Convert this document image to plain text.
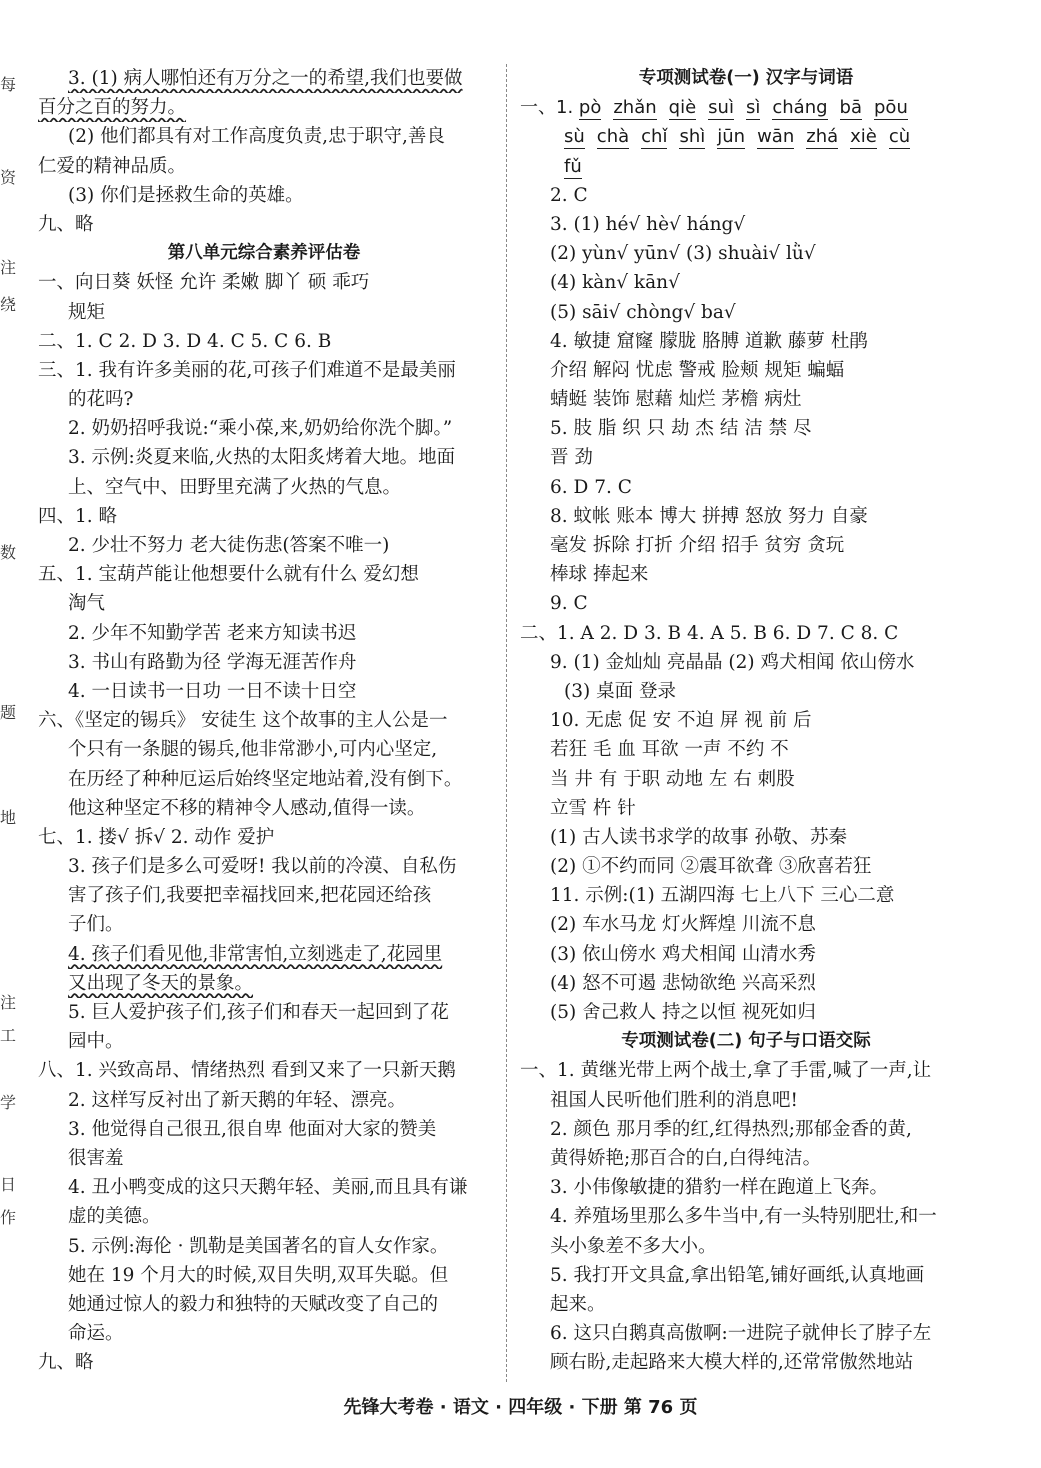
每
资
注
绕
数
题
地
注
工
学
日
作
3. (1) 病人哪怕还有万分之一的希望,我们也要做
百分之百的努力。
(2) 他们都具有对工作高度负责,忠于职守,善良
仁爱的精神品质。
(3) 你们是拯救生命的英雄。
九、略
第八单元综合素养评估卷
一、向日葵 妖怪 允许 柔嫩 脚丫 硕 乖巧
规矩
二、1. C 2. D 3. D 4. C 5. C 6. B
三、1. 我有许多美丽的花,可孩子们难道不是最美丽
的花吗?
2. 奶奶招呼我说:“乘小葆,来,奶奶给你洗个脚。”
3. 示例:炎夏来临,火热的太阳炙烤着大地。地面
上、空气中、田野里充满了火热的气息。
四、1. 略
2. 少壮不努力 老大徒伤悲(答案不唯一)
五、1. 宝葫芦能让他想要什么就有什么 爱幻想
淘气
2. 少年不知勤学苦 老来方知读书迟
3. 书山有路勤为径 学海无涯苦作舟
4. 一日读书一日功 一日不读十日空
六、《坚定的锡兵》 安徒生 这个故事的主人公是一
个只有一条腿的锡兵,他非常渺小,可内心坚定,
在历经了种种厄运后始终坚定地站着,没有倒下。
他这种坚定不移的精神令人感动,值得一读。
七、1. 搂√ 拆√ 2. 动作 爱护
3. 孩子们是多么可爱呀! 我以前的冷漠、自私伤
害了孩子们,我要把幸福找回来,把花园还给孩
子们。
4. 孩子们看见他,非常害怕,立刻逃走了,花园里
又出现了冬天的景象。
5. 巨人爱护孩子们,孩子们和春天一起回到了花
园中。
八、1. 兴致高昂、情绪热烈 看到又来了一只新天鹅
2. 这样写反衬出了新天鹅的年轻、漂亮。
3. 他觉得自己很丑,很自卑 他面对大家的赞美
很害羞
4. 丑小鸭变成的这只天鹅年轻、美丽,而且具有谦
虚的美德。
5. 示例:海伦 · 凯勒是美国著名的盲人女作家。
她在 19 个月大的时候,双目失明,双耳失聪。但
她通过惊人的毅力和独特的天赋改变了自己的
命运。
九、略
专项测试卷(一) 汉字与词语
一、1. pò zhǎn qiè suì sì cháng bā pōu
sù chà chǐ shì jūn wān zhá xiè cù
fǔ
2. C
3. (1) hé√ hè√ háng√
(2) yùn√ yūn√ (3) shuài√ lǜ√
(4) kàn√ kān√
(5) sāi√ chòng√ ba√
4. 敏捷 窟窿 朦胧 胳膊 道歉 藤萝 杜鹃
介绍 解闷 忧虑 警戒 脸颊 规矩 蝙蝠
蜻蜓 装饰 慰藉 灿烂 茅檐 病灶
5. 肢 脂 织 只 劫 杰 结 洁 禁 尽
晋 劲
6. D 7. C
8. 蚊帐 账本 博大 拼搏 怒放 努力 自豪
毫发 拆除 打折 介绍 招手 贫穷 贪玩
棒球 捧起来
9. C
二、1. A 2. D 3. B 4. A 5. B 6. D 7. C 8. C
9. (1) 金灿灿 亮晶晶 (2) 鸡犬相闻 依山傍水
(3) 桌面 登录
10. 无虑 促 安 不迫 屏 视 前 后
若狂 毛 血 耳欲 一声 不约 不
当 井 有 于职 动地 左 右 刺股
立雪 杵 针
(1) 古人读书求学的故事 孙敬、苏秦
(2) ①不约而同 ②震耳欲聋 ③欣喜若狂
11. 示例:(1) 五湖四海 七上八下 三心二意
(2) 车水马龙 灯火辉煌 川流不息
(3) 依山傍水 鸡犬相闻 山清水秀
(4) 怒不可遏 悲恸欲绝 兴高采烈
(5) 舍己救人 持之以恒 视死如归
专项测试卷(二) 句子与口语交际
一、1. 黄继光带上两个战士,拿了手雷,喊了一声,让
祖国人民听他们胜利的消息吧!
2. 颜色 那月季的红,红得热烈;那郁金香的黄,
黄得娇艳;那百合的白,白得纯洁。
3. 小伟像敏捷的猎豹一样在跑道上飞奔。
4. 养殖场里那么多牛当中,有一头特别肥壮,和一
头小象差不多大小。
5. 我打开文具盒,拿出铅笔,铺好画纸,认真地画
起来。
6. 这只白鹅真高傲啊:一进院子就伸长了脖子左
顾右盼,走起路来大模大样的,还常常傲然地站
先锋大考卷 · 语文 · 四年级 · 下册 第 76 页
